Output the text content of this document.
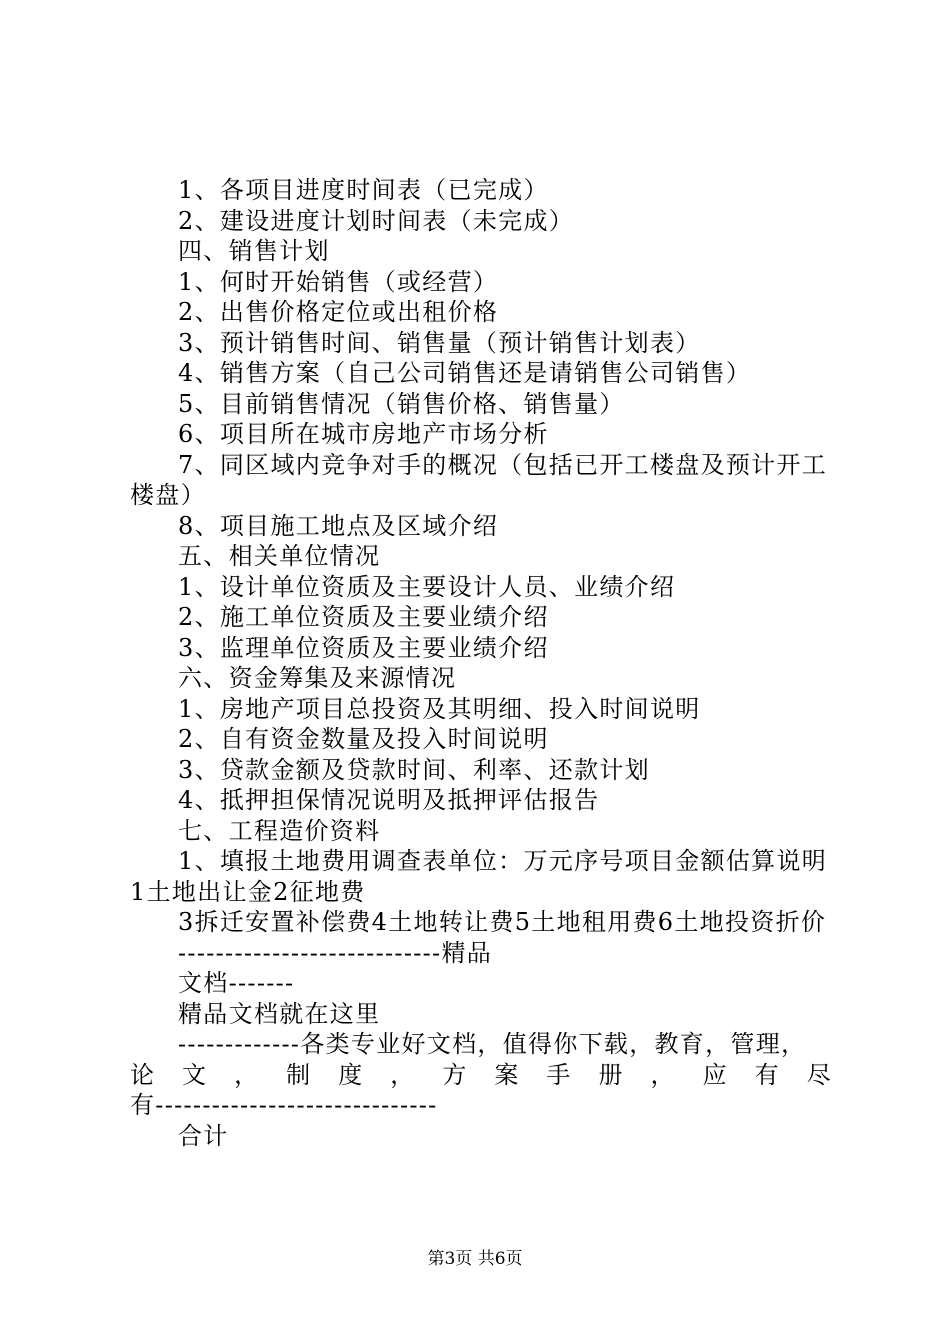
1、各项目进度时间表（已完成）
2、建设进度计划时间表（未完成）
四、销售计划
1、何时开始销售（或经营）
2、出售价格定位或出租价格
3、预计销售时间、销售量（预计销售计划表）
4、销售方案（自己公司销售还是请销售公司销售）
5、目前销售情况（销售价格、销售量）
6、项目所在城市房地产市场分析
7、同区域内竞争对手的概况（包括已开工楼盘及预计开工楼盘）
8、项目施工地点及区域介绍
五、相关单位情况
1、设计单位资质及主要设计人员、业绩介绍
2、施工单位资质及主要业绩介绍
3、监理单位资质及主要业绩介绍
六、资金筹集及来源情况
1、房地产项目总投资及其明细、投入时间说明
2、自有资金数量及投入时间说明
3、贷款金额及贷款时间、利率、还款计划
4、抵押担保情况说明及抵押评估报告
七、工程造价资料
1、填报土地费用调查表单位：万元序号项目金额估算说明1土地出让金2征地费
3拆迁安置补偿费4土地转让费5土地租用费6土地投资折价
----------------------------精品
文档-------
精品文档就在这里
-------------各类专业好文档，值得你下载，教育，管理，
论 文 ， 制 度 ， 方 案 手 册 ， 应 有 尽
有------------------------------
合计
第3页 共6页
